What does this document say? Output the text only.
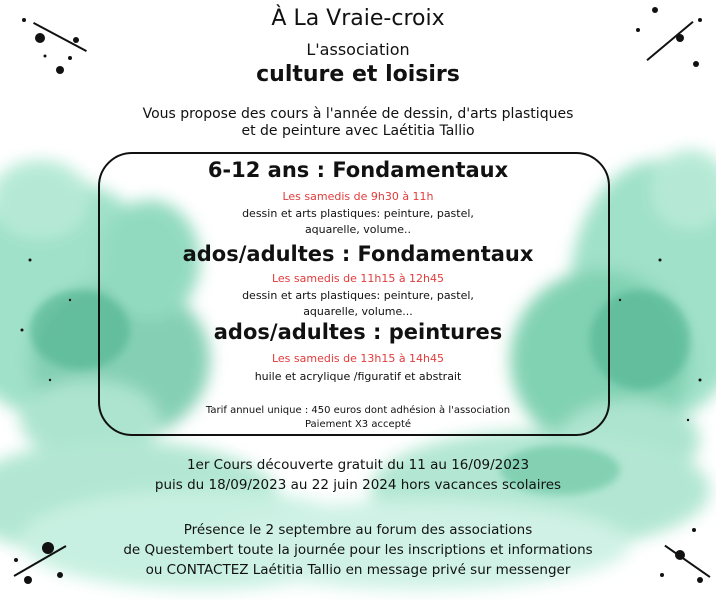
À La Vraie-croix
L'association
culture et loisirs
Vous propose des cours à l'année de dessin, d'arts plastiques
et de peinture avec Laétitia Tallio
6-12 ans : Fondamentaux
Les samedis de 9h30 à 11h
dessin et arts plastiques: peinture, pastel,
aquarelle, volume..
ados/adultes : Fondamentaux
Les samedis de 11h15 à 12h45
dessin et arts plastiques: peinture, pastel,
aquarelle, volume...
ados/adultes : peintures
Les samedis de 13h15 à 14h45
huile et acrylique /figuratif et abstrait
Tarif annuel unique : 450 euros dont adhésion à l'association
Paiement X3 accepté
1er Cours découverte gratuit du 11 au 16/09/2023
puis du 18/09/2023 au 22 juin 2024 hors vacances scolaires
Présence le 2 septembre au forum des associations
de Questembert toute la journée pour les inscriptions et informations
ou CONTACTEZ Laétitia Tallio en message privé sur messenger
